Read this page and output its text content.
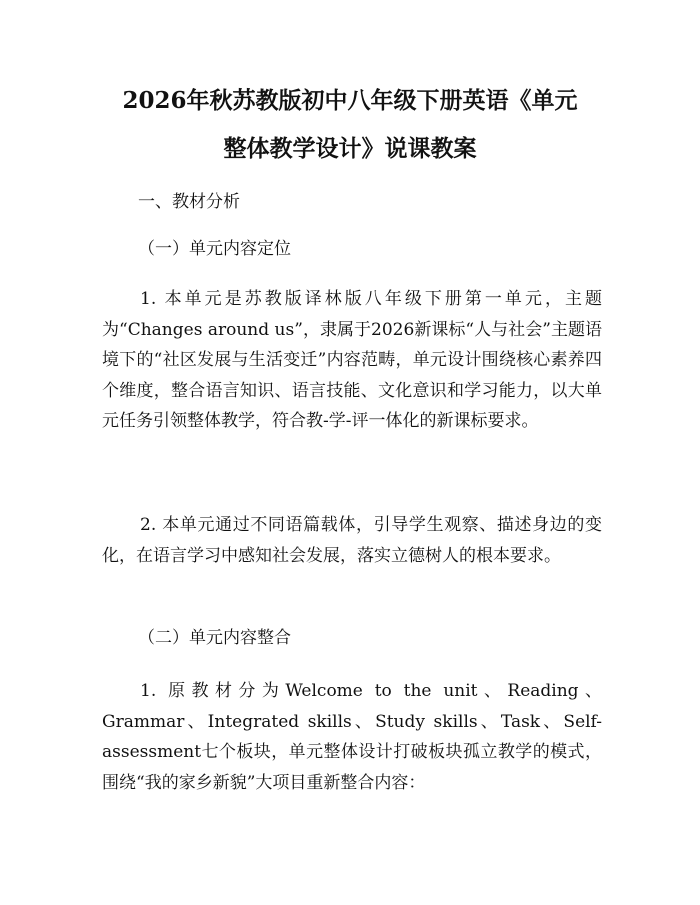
2026年秋苏教版初中八年级下册英语《单元
整体教学设计》说课教案

一、教材分析

（一）单元内容定位

1. 本单元是苏教版译林版八年级下册第一单元，主题为“Changes around us”，隶属于2026新课标“人与社会”主题语境下的“社区发展与生活变迁”内容范畴，单元设计围绕核心素养四个维度，整合语言知识、语言技能、文化意识和学习能力，以大单元任务引领整体教学，符合教-学-评一体化的新课标要求。

2. 本单元通过不同语篇载体，引导学生观察、描述身边的变化，在语言学习中感知社会发展，落实立德树人的根本要求。

（二）单元内容整合

1. 原教材分为Welcome to the unit、Reading、Grammar、Integrated skills、Study skills、Task、Self-assessment七个板块，单元整体设计打破板块孤立教学的模式，围绕“我的家乡新貌”大项目重新整合内容：
